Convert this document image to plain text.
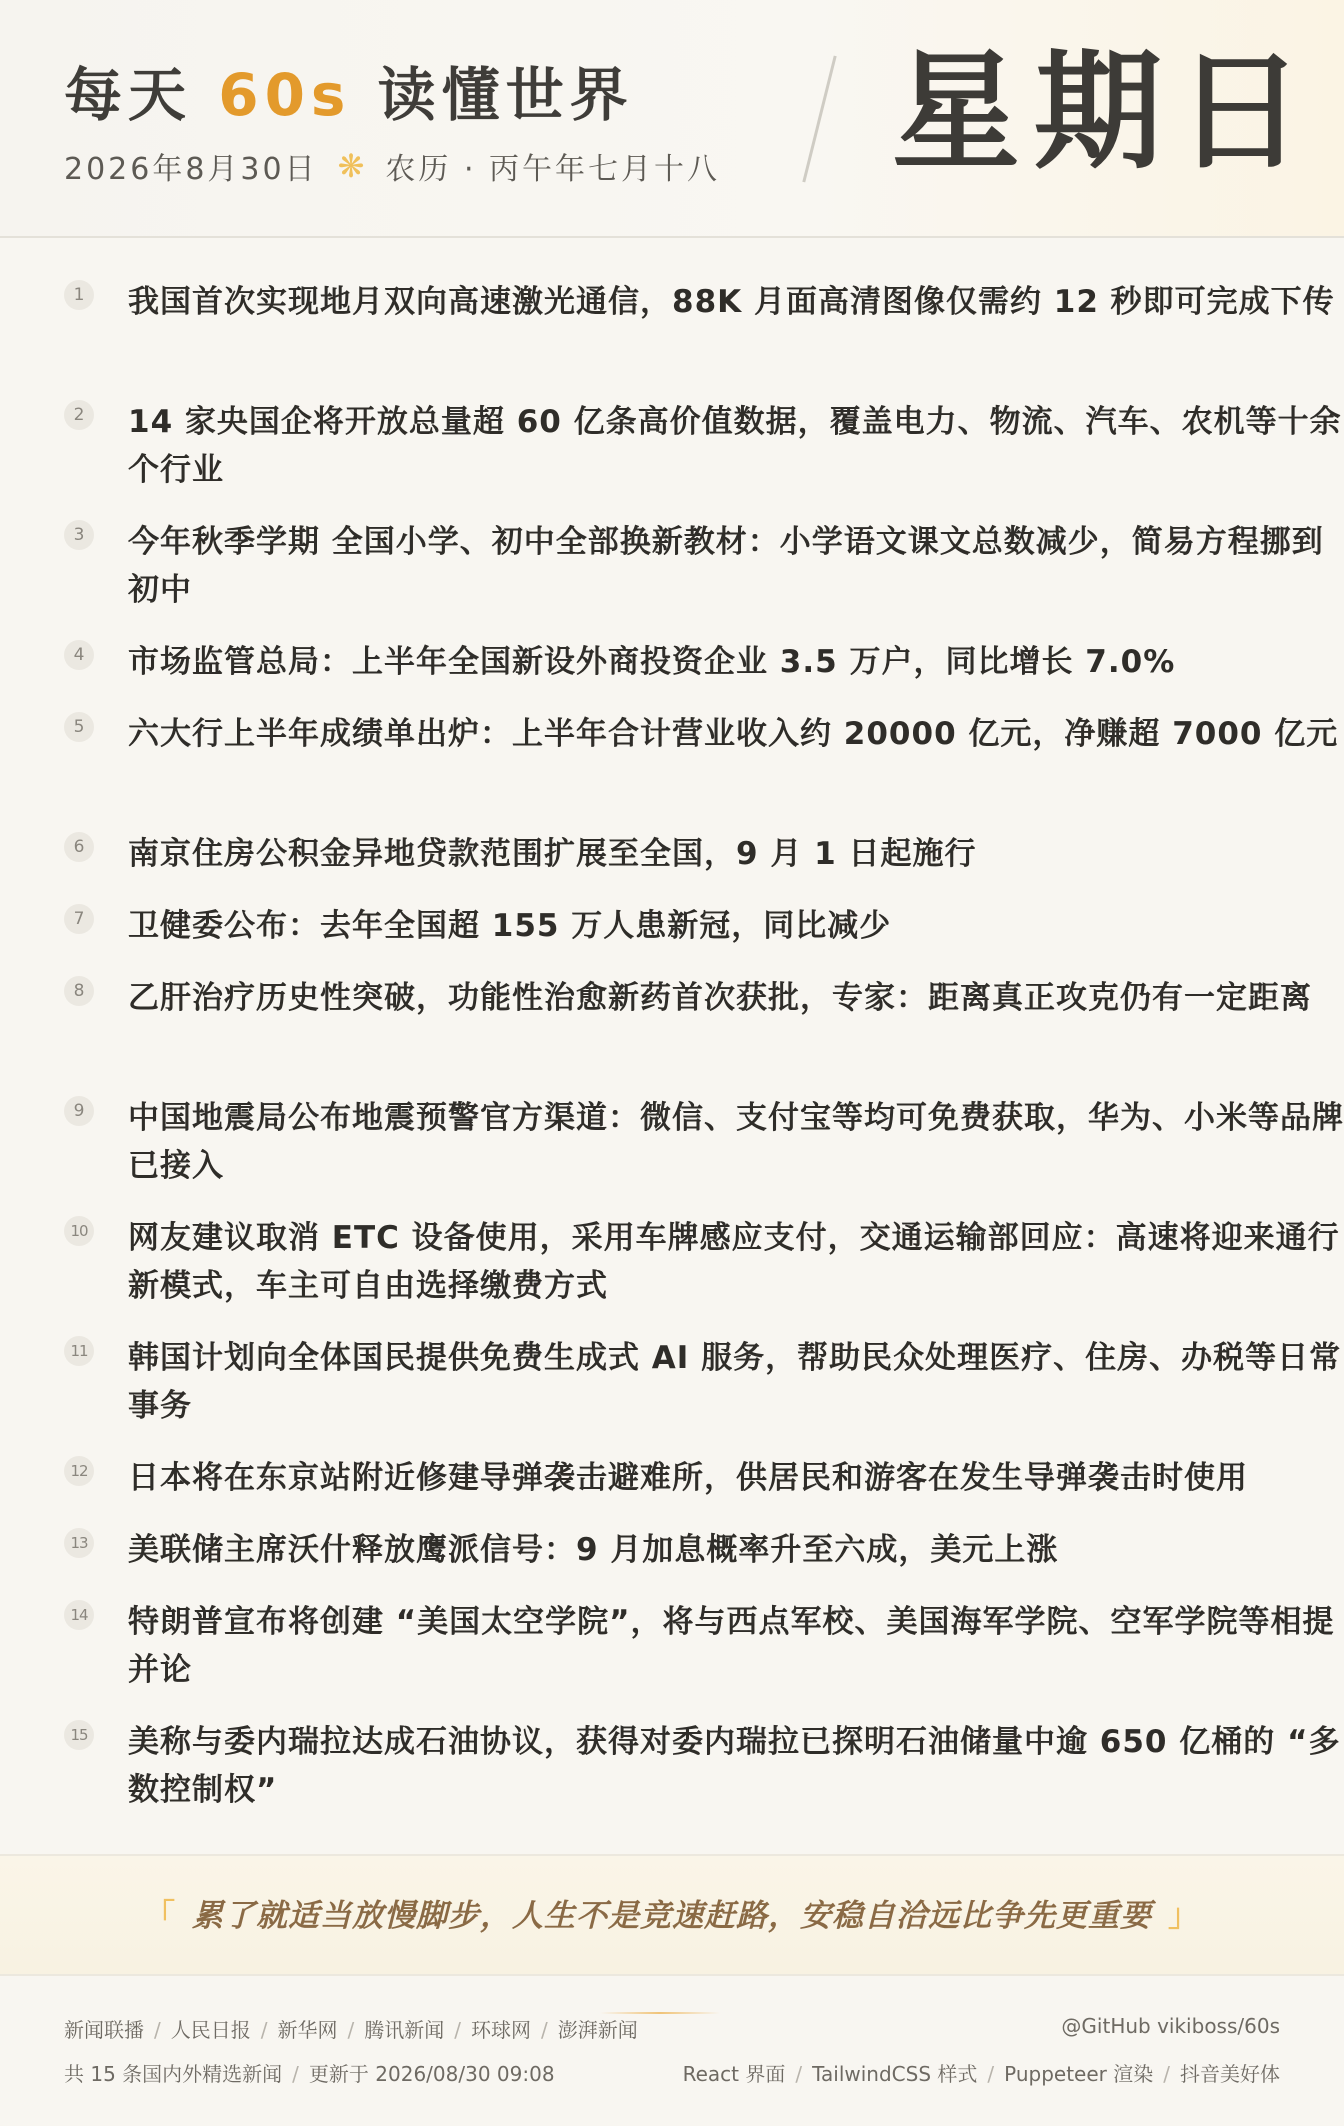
每天 60s 读懂世界
2026年8月30日 ❋ 农历 · 丙午年七月十八 星期日
1	我国首次实现地月双向高速激光通信，88K 月面高清图像仅需约 12 秒即可完成下传
2	14 家央国企将开放总量超 60 亿条高价值数据，覆盖电力、物流、汽车、农机等十余个行业
3	今年秋季学期 全国小学、初中全部换新教材：小学语文课文总数减少，简易方程挪到初中
4	市场监管总局：上半年全国新设外商投资企业 3.5 万户，同比增长 7.0%
5	六大行上半年成绩单出炉：上半年合计营业收入约 20000 亿元，净赚超 7000 亿元
6	南京住房公积金异地贷款范围扩展至全国，9 月 1 日起施行
7	卫健委公布：去年全国超 155 万人患新冠，同比减少
8	乙肝治疗历史性突破，功能性治愈新药首次获批，专家：距离真正攻克仍有一定距离
9	中国地震局公布地震预警官方渠道：微信、支付宝等均可免费获取，华为、小米等品牌已接入
10 网友建议取消 ETC 设备使用，采用车牌感应支付，交通运输部回应：高速将迎来通行新模式，车主可自由选择缴费方式
11 韩国计划向全体国民提供免费生成式 AI 服务，帮助民众处理医疗、住房、办税等日常事务
12 日本将在东京站附近修建导弹袭击避难所，供居民和游客在发生导弹袭击时使用
13 美联储主席沃什释放鹰派信号：9 月加息概率升至六成，美元上涨
14 特朗普宣布将创建 “美国太空学院”，将与西点军校、美国海军学院、空军学院等相提并论
15 美称与委内瑞拉达成石油协议，获得对委内瑞拉已探明石油储量中逾 650 亿桶的 “多数控制权”
「 累了就适当放慢脚步，人生不是竞速赶路，安稳自洽远比争先更重要 」
新闻联播 / 人民日报 / 新华网 / 腾讯新闻 / 环球网 / 澎湃新闻	@GitHub vikiboss/60s
共 15 条国内外精选新闻 / 更新于 2026/08/30 09:08	React 界面 / TailwindCSS 样式 / Puppeteer 渲染 / 抖音美好体
